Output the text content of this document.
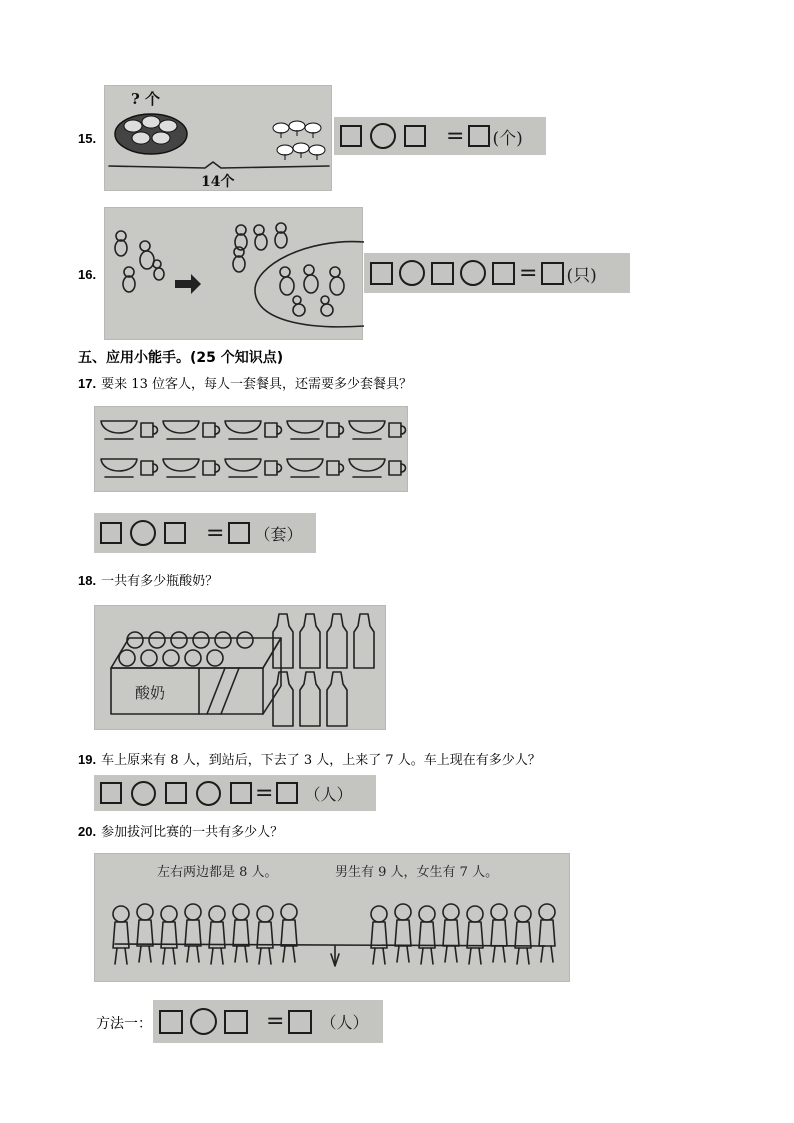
15.
? 个
14个
= (个)
16.	= (只)
五、应用小能手。(25 个知识点)
17. 要来 13 位客人，每人一套餐具，还需要多少套餐具？
= （套）
18. 一共有多少瓶酸奶？
酸奶
19. 车上原来有 8 人，到站后，下去了 3 人，上来了 7 人。车上现在有多少人？
= （人）
20. 参加拔河比赛的一共有多少人？
左右两边都是 8 人。	男生有 9 人，女生有 7 人。
方法一：	= （人）
